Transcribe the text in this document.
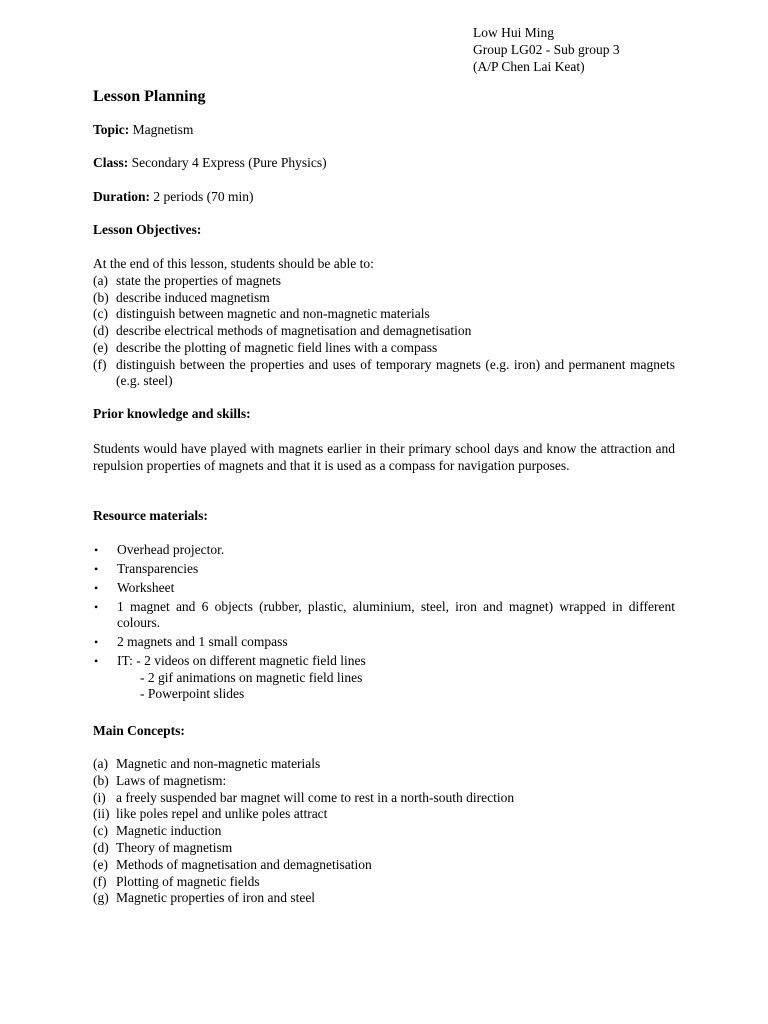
Low Hui Ming
Group LG02 - Sub group 3
(A/P Chen Lai Keat)
Lesson Planning
Topic: Magnetism
Class: Secondary 4 Express (Pure Physics)
Duration: 2 periods (70 min)
Lesson Objectives:
At the end of this lesson, students should be able to:
(a) state the properties of magnets
(b) describe induced magnetism
(c) distinguish between magnetic and non-magnetic materials
(d) describe electrical methods of magnetisation and demagnetisation
(e) describe the plotting of magnetic field lines with a compass
(f) distinguish between the properties and uses of temporary magnets (e.g. iron) and permanent magnets (e.g. steel)
Prior knowledge and skills:
Students would have played with magnets earlier in their primary school days and know the attraction and repulsion properties of magnets and that it is used as a compass for navigation purposes.
Resource materials:
•	Overhead projector.
•	Transparencies
•	Worksheet
•	1 magnet and 6 objects (rubber, plastic, aluminium, steel, iron and magnet) wrapped in different colours.
•	2 magnets and 1 small compass
•	IT: - 2 videos on different magnetic field lines
- 2 gif animations on magnetic field lines
- Powerpoint slides
Main Concepts:
(a) Magnetic and non-magnetic materials
(b) Laws of magnetism:
(i) a freely suspended bar magnet will come to rest in a north-south direction
(ii) like poles repel and unlike poles attract
(c) Magnetic induction
(d) Theory of magnetism
(e) Methods of magnetisation and demagnetisation
(f) Plotting of magnetic fields
(g) Magnetic properties of iron and steel
